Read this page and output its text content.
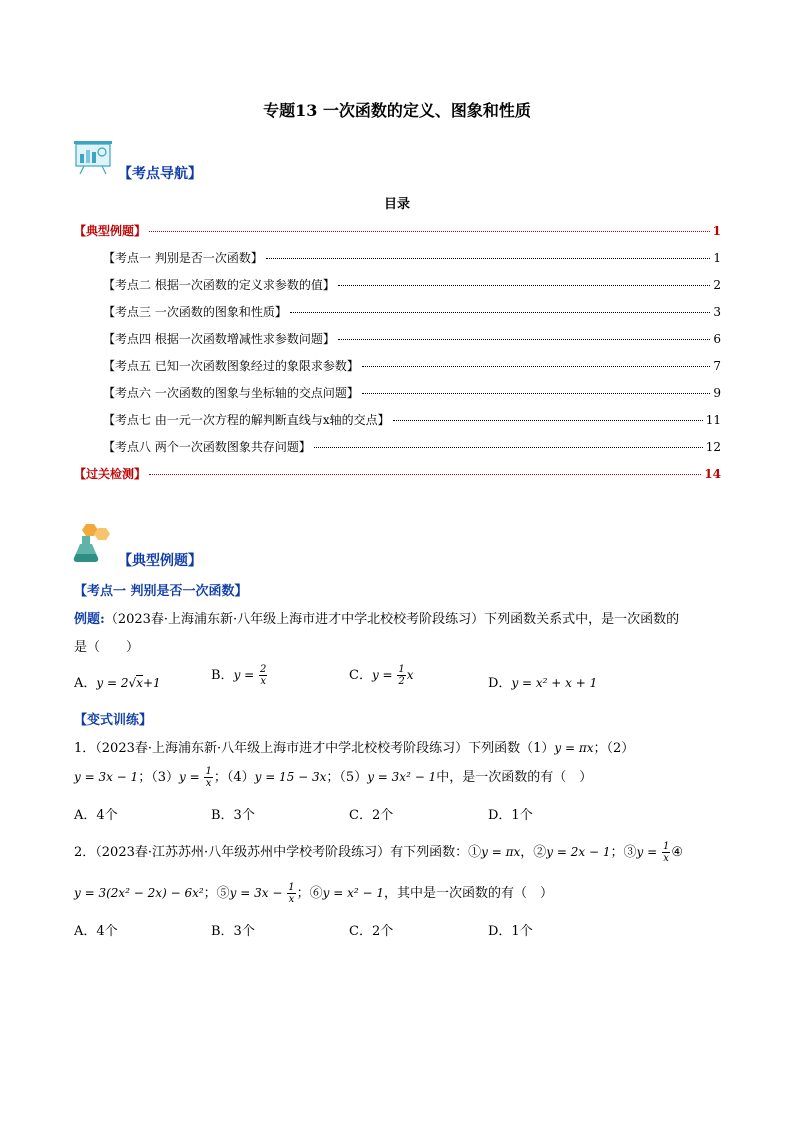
专题13 一次函数的定义、图象和性质
【考点导航】
目录
【典型例题】	1
【考点一 判别是否一次函数】	1
【考点二 根据一次函数的定义求参数的值】	2
【考点三 一次函数的图象和性质】	3
【考点四 根据一次函数增减性求参数问题】	6
【考点五 已知一次函数图象经过的象限求参数】	7
【考点六 一次函数的图象与坐标轴的交点问题】	9
【考点七 由一元一次方程的解判断直线与x轴的交点】	11
【考点八 两个一次函数图象共存问题】	12
【过关检测】	14
【典型例题】
【考点一 判别是否一次函数】
例题:（2023春·上海浦东新·八年级上海市进才中学北校校考阶段练习）下列函数关系式中，是一次函数的
是（　　）
A．y = 2√x+1	B．$y = \frac{2}{x}$	C．$y = \frac{1}{2}$ x
D．y = x² + x + 1
【变式训练】
1．（2023春·上海浦东新·八年级上海市进才中学北校校考阶段练习）下列函数（1）y = πx；（2）
y = 3x − 1；$(3)y = \frac{1}{x}$ ；（4）y = 15 − 3x；（5）y = 3x² − 1中，是一次函数的有（　）
A．4个	B．3个	C．2个	D．1个
2．（2023春·江苏苏州·八年级苏州中学校考阶段练习）有下列函数：①y = πx，②y = 2x − 1；③y = $\frac{1}{x}$ ④
y = 3(2x² − 2x) − 6x²；⑤y = $3x - \frac{1}{x}$ ；⑥y = x² − 1，其中是一次函数的有（　）
A．4个	B．3个	C．2个	D．1个
